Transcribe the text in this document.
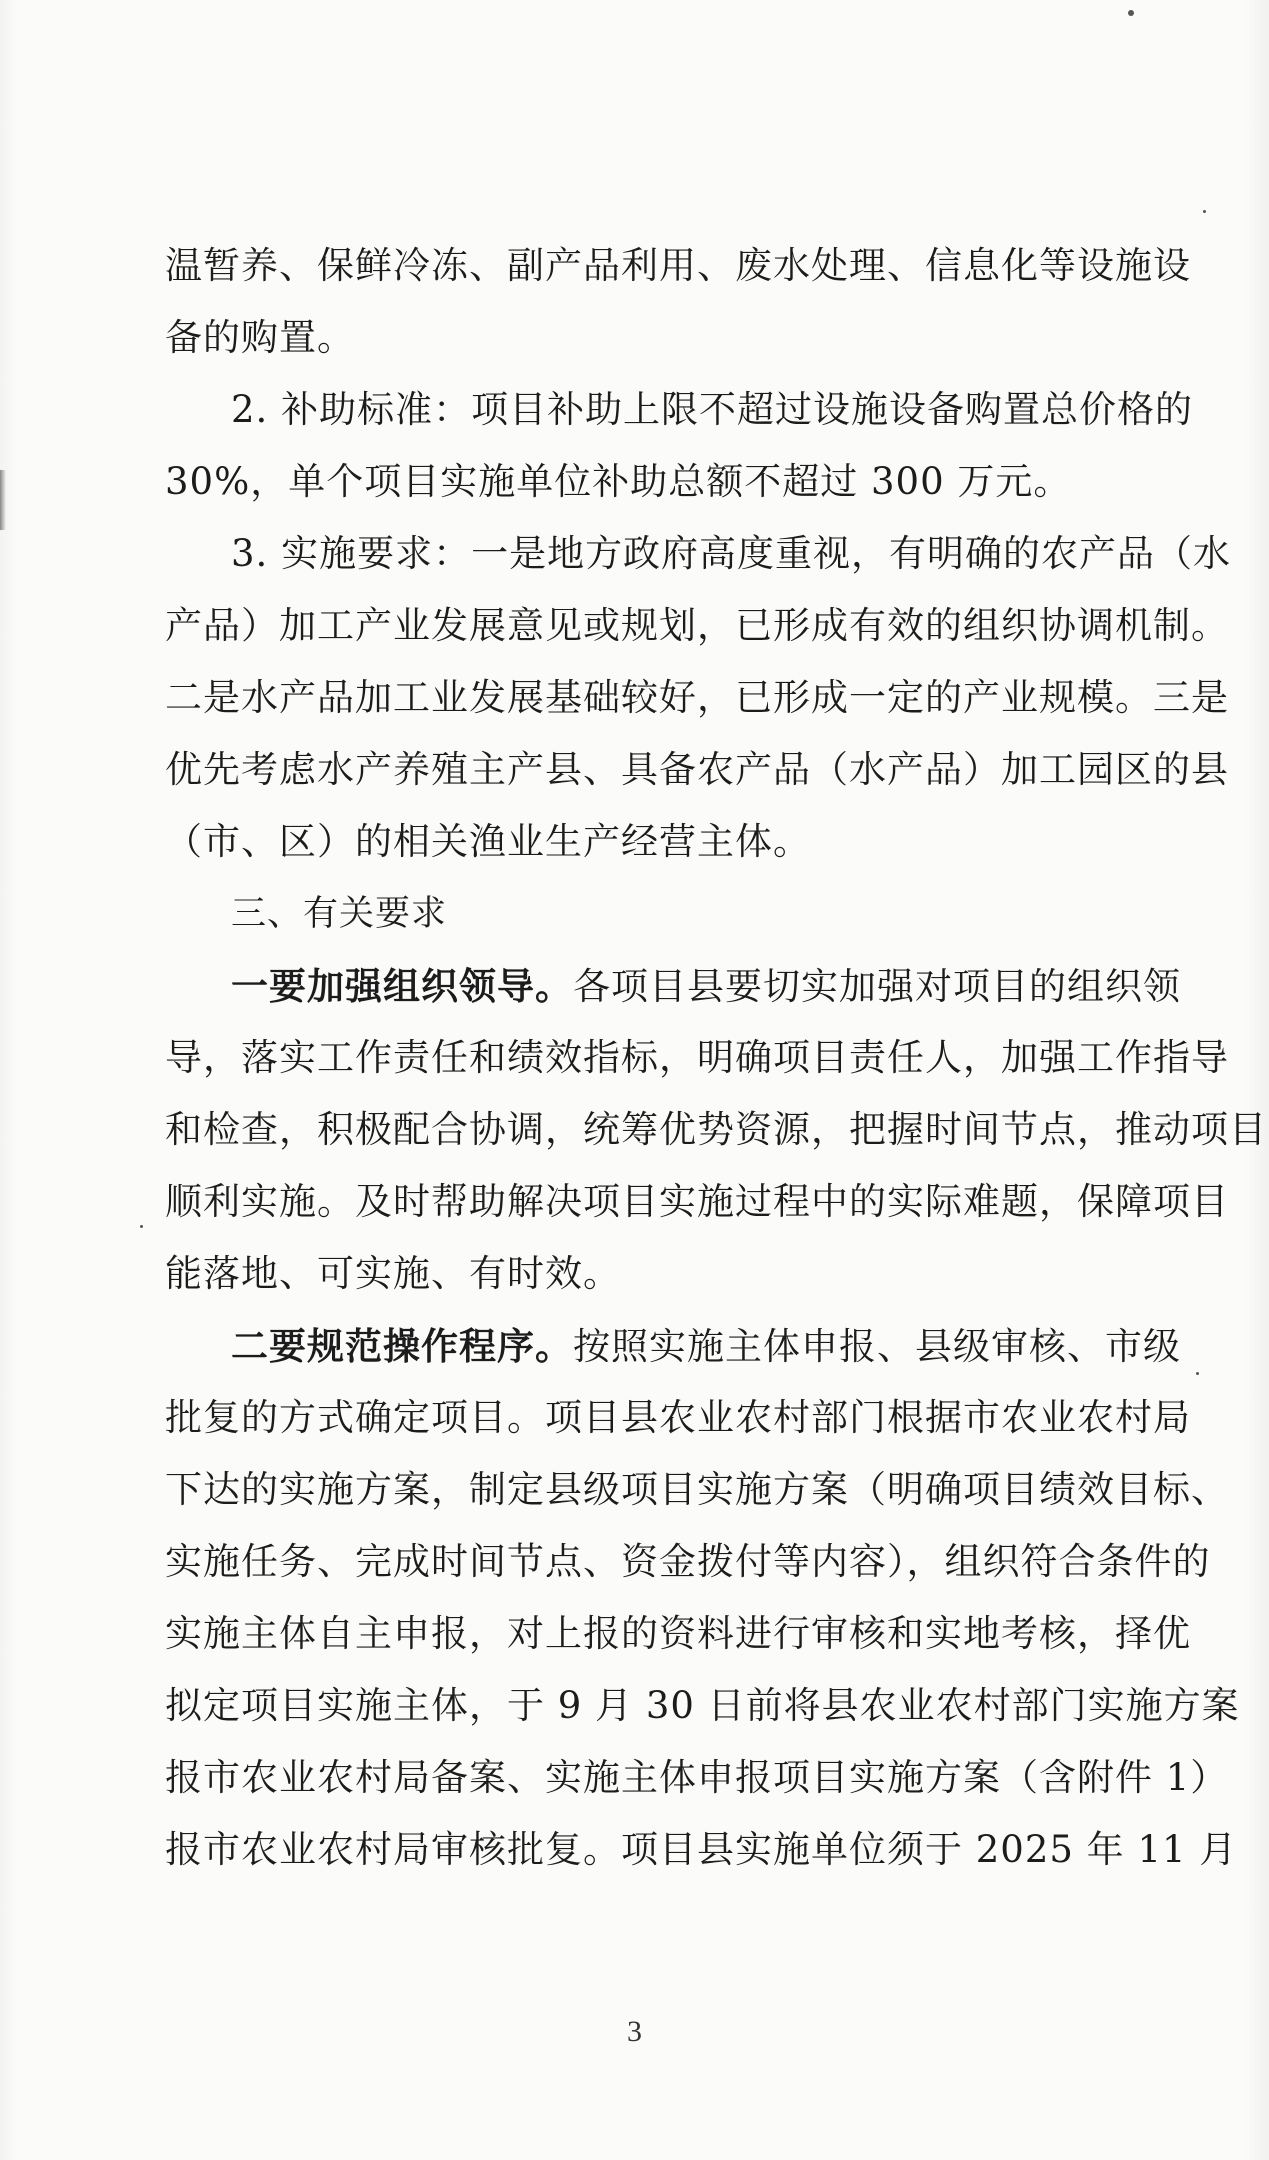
温暂养、保鲜冷冻、副产品利用、废水处理、信息化等设施设
备的购置。
2. 补助标准：项目补助上限不超过设施设备购置总价格的
30%，单个项目实施单位补助总额不超过 300 万元。
3. 实施要求：一是地方政府高度重视，有明确的农产品（水
产品）加工产业发展意见或规划，已形成有效的组织协调机制。
二是水产品加工业发展基础较好，已形成一定的产业规模。三是
优先考虑水产养殖主产县、具备农产品（水产品）加工园区的县
（市、区）的相关渔业生产经营主体。
三、有关要求
一要加强组织领导。各项目县要切实加强对项目的组织领
导，落实工作责任和绩效指标，明确项目责任人，加强工作指导
和检查，积极配合协调，统筹优势资源，把握时间节点，推动项目
顺利实施。及时帮助解决项目实施过程中的实际难题，保障项目
能落地、可实施、有时效。
二要规范操作程序。按照实施主体申报、县级审核、市级
批复的方式确定项目。项目县农业农村部门根据市农业农村局
下达的实施方案，制定县级项目实施方案（明确项目绩效目标、
实施任务、完成时间节点、资金拨付等内容），组织符合条件的
实施主体自主申报，对上报的资料进行审核和实地考核，择优
拟定项目实施主体，于 9 月 30 日前将县农业农村部门实施方案
报市农业农村局备案、实施主体申报项目实施方案（含附件 1）
报市农业农村局审核批复。项目县实施单位须于 2025 年 11 月
3
